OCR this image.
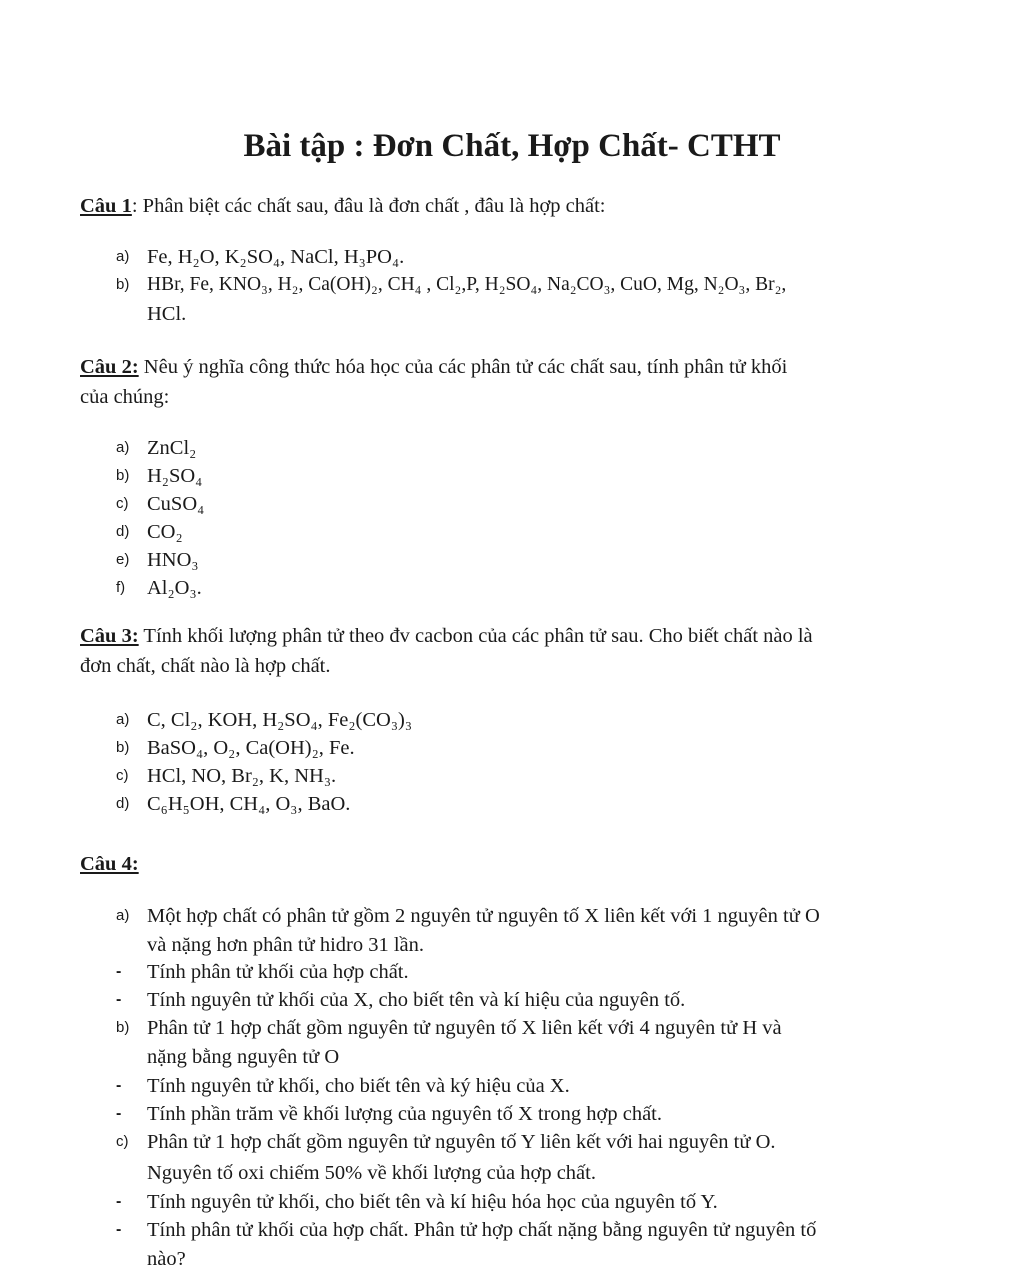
Bài tập : Đơn Chất, Hợp Chất- CTHT
Câu 1: Phân biệt các chất sau, đâu là đơn chất , đâu là hợp chất:
a) Fe, H₂O, K₂SO₄, NaCl, H₃PO₄.
b) HBr, Fe, KNO₃, H₂, Ca(OH)₂, CH₄ , Cl₂,P, H₂SO₄, Na₂CO₃, CuO, Mg, N₂O₃, Br₂,
HCl.
Câu 2: Nêu ý nghĩa công thức hóa học của các phân tử các chất sau, tính phân tử khối
của chúng:
a) ZnCl₂
b) H₂SO₄
c) CuSO₄
d) CO₂
e) HNO₃
f)	Al₂O₃.
Câu 3: Tính khối lượng phân tử theo đv cacbon của các phân tử sau. Cho biết chất nào là
đơn chất, chất nào là hợp chất.
a) C, Cl₂, KOH, H₂SO₄, Fe₂(CO₃)₃
b) BaSO₄, O₂, Ca(OH)₂, Fe.
c) HCl, NO, Br₂, K, NH₃.
d) C₆H₅OH, CH₄, O₃, BaO.
Câu 4:
a) Một hợp chất có phân tử gồm 2 nguyên tử nguyên tố X liên kết với 1 nguyên tử O
và nặng hơn phân tử hidro 31 lần.
- Tính phân tử khối của hợp chất.
- Tính nguyên tử khối của X, cho biết tên và kí hiệu của nguyên tố.
b) Phân tử 1 hợp chất gồm nguyên tử nguyên tố X liên kết với 4 nguyên tử H và
nặng bằng nguyên tử O
- Tính nguyên tử khối, cho biết tên và ký hiệu của X.
- Tính phần trăm về khối lượng của nguyên tố X trong hợp chất.
c) Phân tử 1 hợp chất gồm nguyên tử nguyên tố Y liên kết với hai nguyên tử O.
Nguyên tố oxi chiếm 50% về khối lượng của hợp chất.
- Tính nguyên tử khối, cho biết tên và kí hiệu hóa học của nguyên tố Y.
- Tính phân tử khối của hợp chất. Phân tử hợp chất nặng bằng nguyên tử nguyên tố
nào?
